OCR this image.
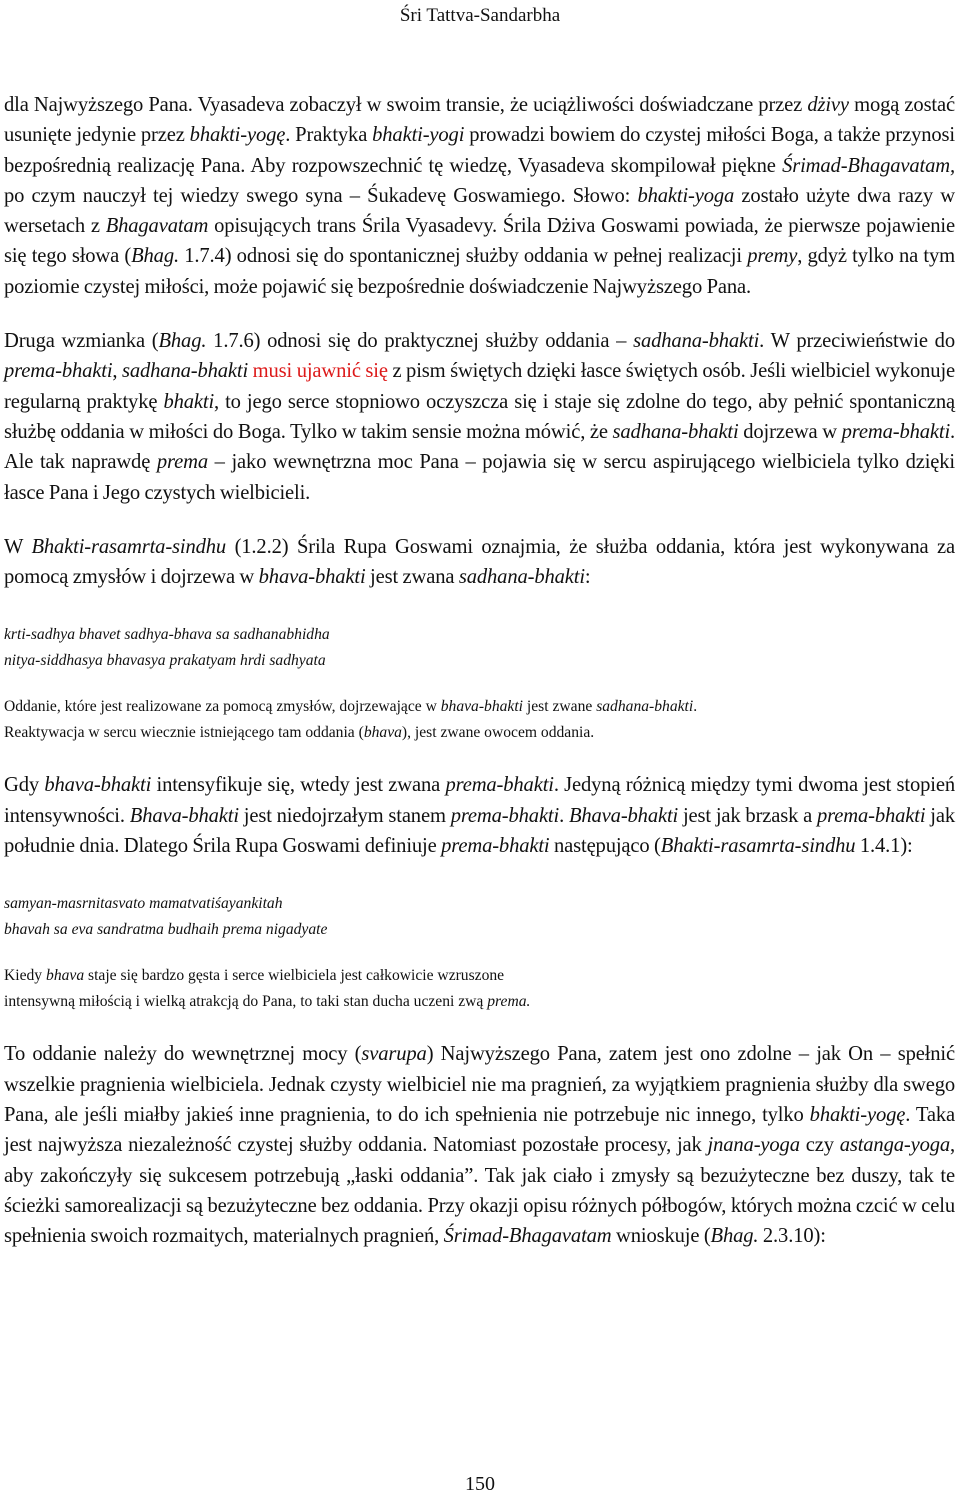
Śri Tattva-Sandarbha

dla Najwyższego Pana. Vyasadeva zobaczył w swoim transie, że uciążliwości doświadczane przez dżivy mogą zostać usunięte jedynie przez bhakti-yogę. Praktyka bhakti-yogi prowadzi bowiem do czystej miłości Boga, a także przynosi bezpośrednią realizację Pana. Aby rozpowszechnić tę wiedzę, Vyasadeva skompilował piękne Śrimad-Bhagavatam, po czym nauczył tej wiedzy swego syna – Śukadevę Goswamiego. Słowo: bhakti-yoga zostało użyte dwa razy w wersetach z Bhagavatam opisujących trans Śrila Vyasadevy. Śrila Dżiva Goswami powiada, że pierwsze pojawienie się tego słowa (Bhag. 1.7.4) odnosi się do spontanicznej służby oddania w pełnej realizacji premy, gdyż tylko na tym poziomie czystej miłości, może pojawić się bezpośrednie doświadczenie Najwyższego Pana.

Druga wzmianka (Bhag. 1.7.6) odnosi się do praktycznej służby oddania – sadhana-bhakti. W przeciwieństwie do prema-bhakti, sadhana-bhakti musi ujawnić się z pism świętych dzięki łasce świętych osób. Jeśli wielbiciel wykonuje regularną praktykę bhakti, to jego serce stopniowo oczyszcza się i staje się zdolne do tego, aby pełnić spontaniczną służbę oddania w miłości do Boga. Tylko w takim sensie można mówić, że sadhana-bhakti dojrzewa w prema-bhakti. Ale tak naprawdę prema – jako wewnętrzna moc Pana – pojawia się w sercu aspirującego wielbiciela tylko dzięki łasce Pana i Jego czystych wielbicieli.

W Bhakti-rasamrta-sindhu (1.2.2) Śrila Rupa Goswami oznajmia, że służba oddania, która jest wykonywana za pomocą zmysłów i dojrzewa w bhava-bhakti jest zwana sadhana-bhakti:

krti-sadhya bhavet sadhya-bhava sa sadhanabhidha
nitya-siddhasya bhavasya prakatyam hrdi sadhyata

Oddanie, które jest realizowane za pomocą zmysłów, dojrzewające w bhava-bhakti jest zwane sadhana-bhakti.
Reaktywacja w sercu wiecznie istniejącego tam oddania (bhava), jest zwane owocem oddania.

Gdy bhava-bhakti intensyfikuje się, wtedy jest zwana prema-bhakti. Jedyną różnicą między tymi dwoma jest stopień intensywności. Bhava-bhakti jest niedojrzałym stanem prema-bhakti. Bhava-bhakti jest jak brzask a prema-bhakti jak południe dnia. Dlatego Śrila Rupa Goswami definiuje prema-bhakti następująco (Bhakti-rasamrta-sindhu 1.4.1):

samyan-masrnitasvato mamatvatiśayankitah
bhavah sa eva sandratma budhaih prema nigadyate

Kiedy bhava staje się bardzo gęsta i serce wielbiciela jest całkowicie wzruszone
intensywną miłością i wielką atrakcją do Pana, to taki stan ducha uczeni zwą prema.

To oddanie należy do wewnętrznej mocy (svarupa) Najwyższego Pana, zatem jest ono zdolne – jak On – spełnić wszelkie pragnienia wielbiciela. Jednak czysty wielbiciel nie ma pragnień, za wyjątkiem pragnienia służby dla swego Pana, ale jeśli miałby jakieś inne pragnienia, to do ich spełnienia nie potrzebuje nic innego, tylko bhakti-yogę. Taka jest najwyższa niezależność czystej służby oddania. Natomiast pozostałe procesy, jak jnana-yoga czy astanga-yoga, aby zakończyły się sukcesem potrzebują „łaski oddania”. Tak jak ciało i zmysły są bezużyteczne bez duszy, tak te ścieżki samorealizacji są bezużyteczne bez oddania. Przy okazji opisu różnych półbogów, których można czcić w celu spełnienia swoich rozmaitych, materialnych pragnień, Śrimad-Bhagavatam wnioskuje (Bhag. 2.3.10):

150
